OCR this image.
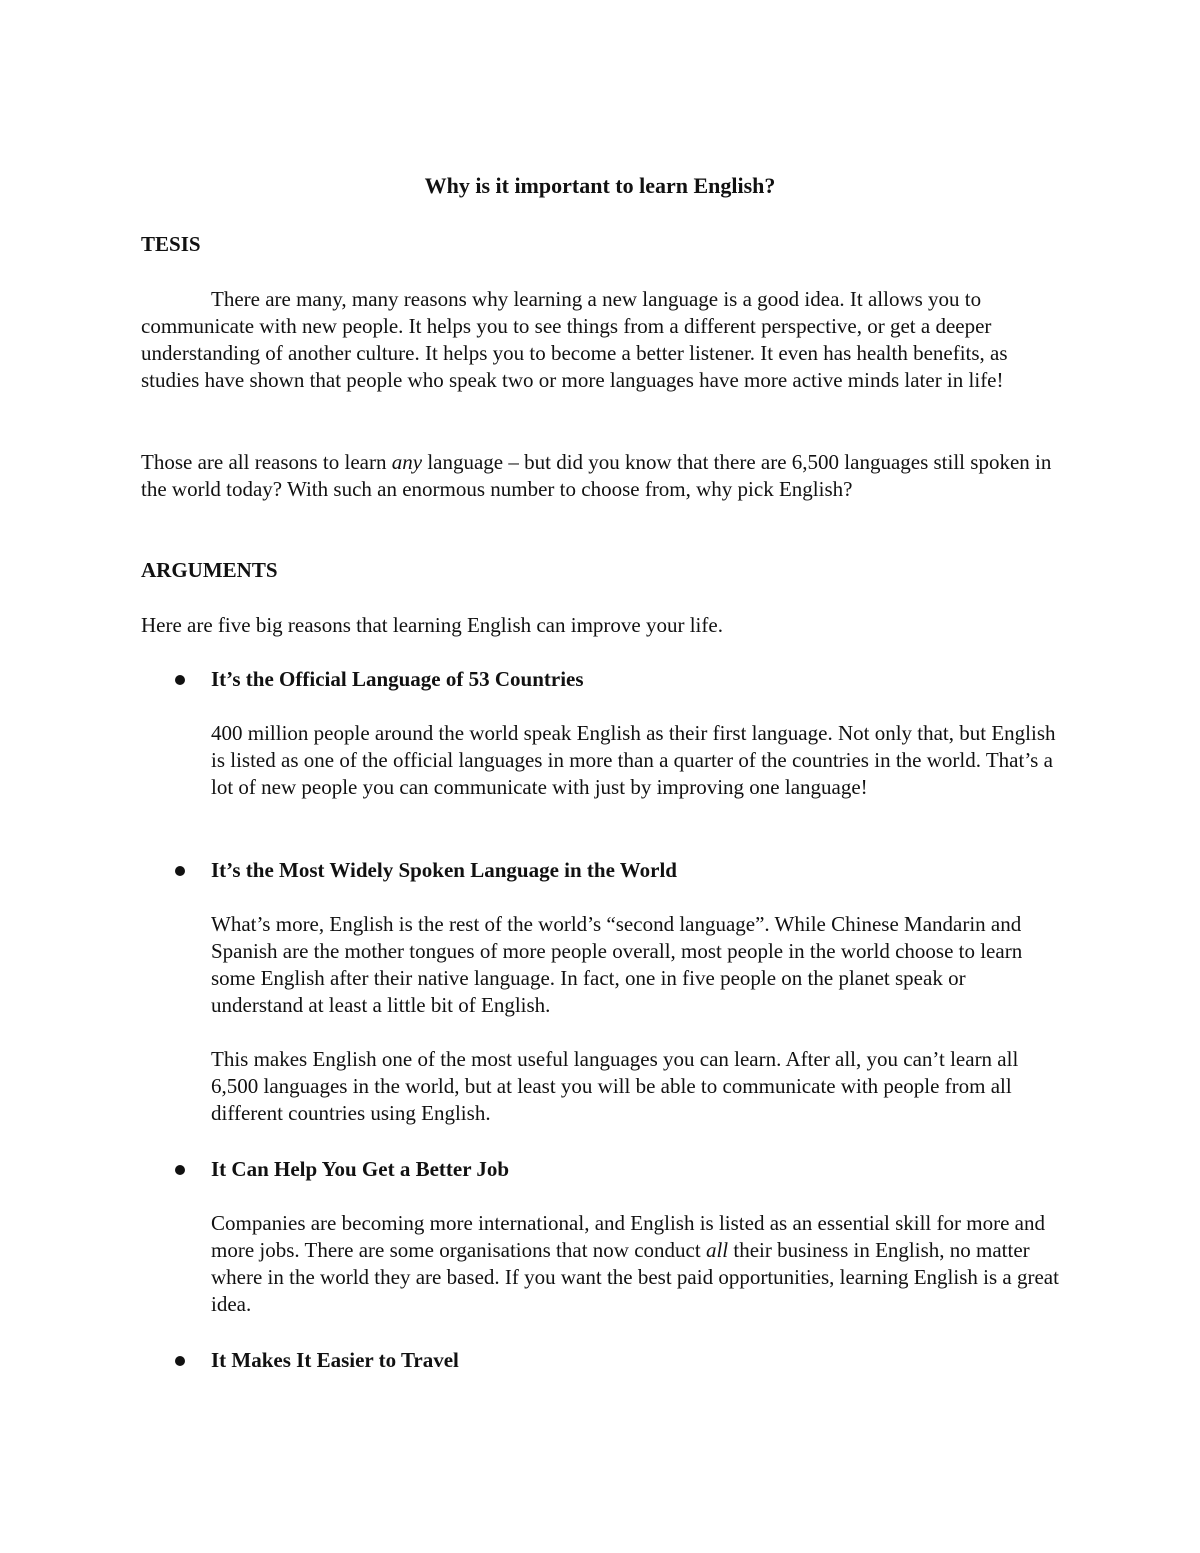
Why is it important to learn English?
TESIS

There are many, many reasons why learning a new language is a good idea. It allows you to communicate with new people. It helps you to see things from a different perspective, or get a deeper understanding of another culture. It helps you to become a better listener. It even has health benefits, as studies have shown that people who speak two or more languages have more active minds later in life!

Those are all reasons to learn any language – but did you know that there are 6,500 languages still spoken in the world today? With such an enormous number to choose from, why pick English?

ARGUMENTS

Here are five big reasons that learning English can improve your life.

It’s the Official Language of 53 Countries

400 million people around the world speak English as their first language. Not only that, but English is listed as one of the official languages in more than a quarter of the countries in the world. That’s a lot of new people you can communicate with just by improving one language!

It’s the Most Widely Spoken Language in the World

What’s more, English is the rest of the world’s “second language”. While Chinese Mandarin and Spanish are the mother tongues of more people overall, most people in the world choose to learn some English after their native language. In fact, one in five people on the planet speak or understand at least a little bit of English.

This makes English one of the most useful languages you can learn. After all, you can’t learn all 6,500 languages in the world, but at least you will be able to communicate with people from all different countries using English.

It Can Help You Get a Better Job

Companies are becoming more international, and English is listed as an essential skill for more and more jobs. There are some organisations that now conduct all their business in English, no matter where in the world they are based. If you want the best paid opportunities, learning English is a great idea.

It Makes It Easier to Travel
